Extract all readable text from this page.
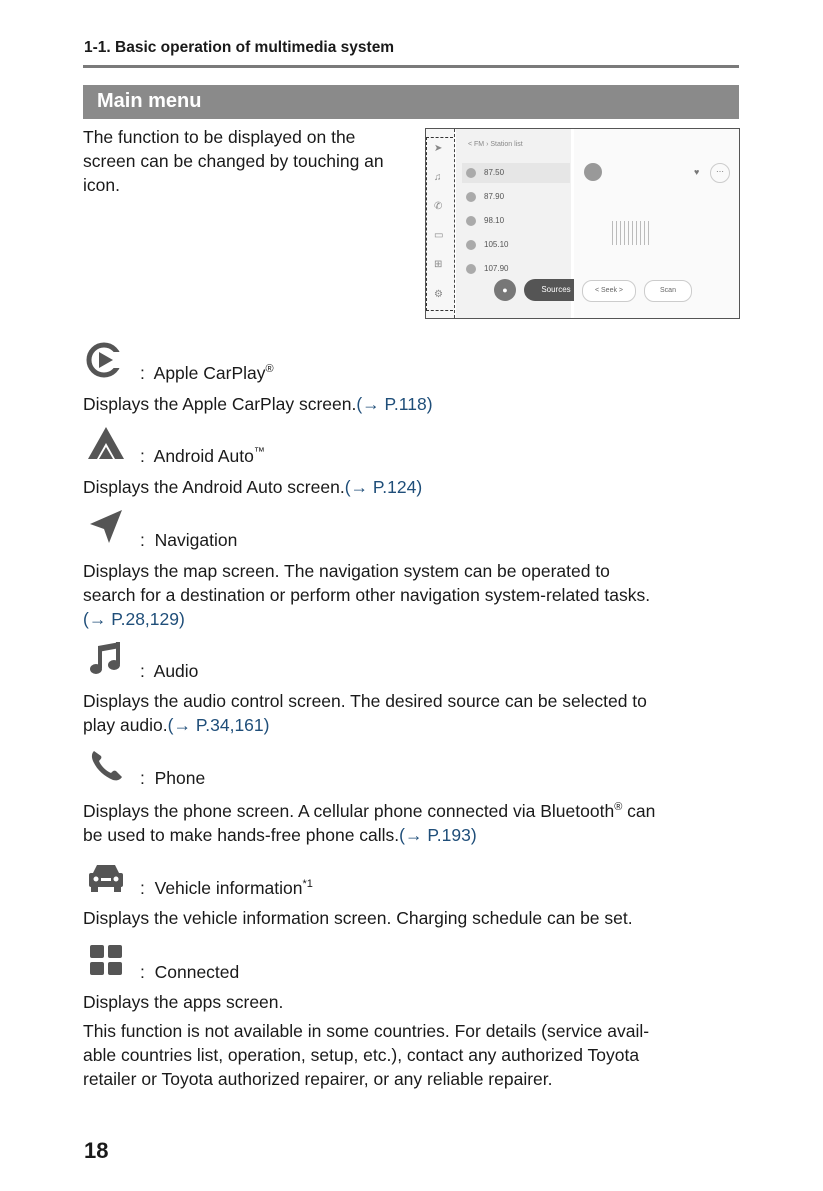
1-1. Basic operation of multimedia system
Main menu
The function to be displayed on the screen can be changed by touching an icon.
➤
♫
✆
▭
⊞
⚙
< FM › Station list
87.50
87.90
98.10
105.10
107.90
●	Sources
♥	⋯
< Seek >	Scan
: Apple CarPlay®
Displays the Apple CarPlay screen.(→ P.118)
: Android Auto™
Displays the Android Auto screen.(→ P.124)
: Navigation
Displays the map screen. The navigation system can be operated to
search for a destination or perform other navigation system-related tasks.
(→ P.28,129)
: Audio
Displays the audio control screen. The desired source can be selected to
play audio.(→ P.34,161)
: Phone
Displays the phone screen. A cellular phone connected via Bluetooth® can
be used to make hands-free phone calls.(→ P.193)
: Vehicle information$^{*1}$
Displays the vehicle information screen. Charging schedule can be set.
: Connected
Displays the apps screen.
This function is not available in some countries. For details (service avail-
able countries list, operation, setup, etc.), contact any authorized Toyota
retailer or Toyota authorized repairer, or any reliable repairer.
18
